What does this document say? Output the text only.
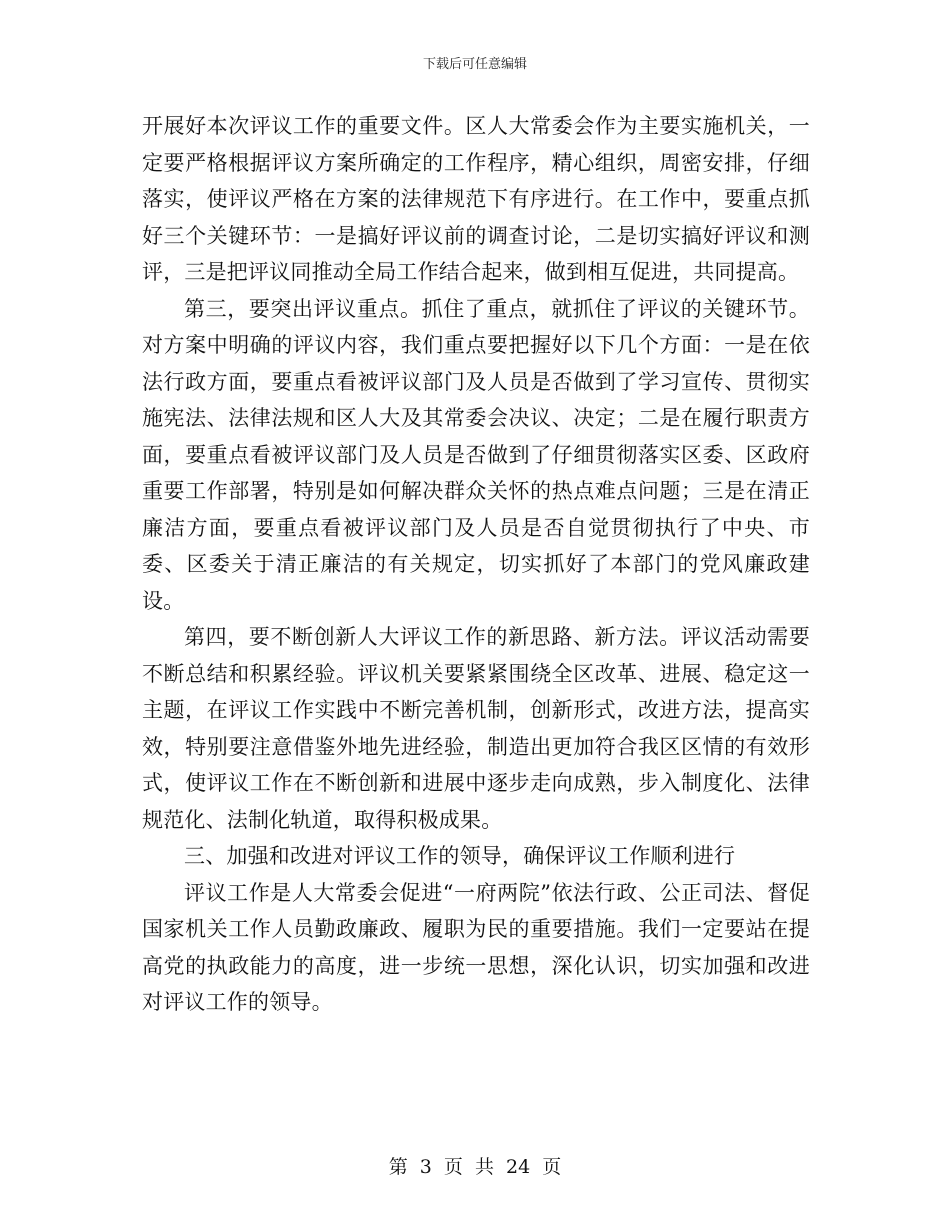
下载后可任意编辑

开展好本次评议工作的重要文件。区人大常委会作为主要实施机关，一定要严格根据评议方案所确定的工作程序，精心组织，周密安排，仔细落实，使评议严格在方案的法律规范下有序进行。在工作中，要重点抓好三个关键环节：一是搞好评议前的调查讨论，二是切实搞好评议和测评，三是把评议同推动全局工作结合起来，做到相互促进，共同提高。

第三，要突出评议重点。抓住了重点，就抓住了评议的关键环节。对方案中明确的评议内容，我们重点要把握好以下几个方面：一是在依法行政方面，要重点看被评议部门及人员是否做到了学习宣传、贯彻实施宪法、法律法规和区人大及其常委会决议、决定；二是在履行职责方面，要重点看被评议部门及人员是否做到了仔细贯彻落实区委、区政府重要工作部署，特别是如何解决群众关怀的热点难点问题；三是在清正廉洁方面，要重点看被评议部门及人员是否自觉贯彻执行了中央、市委、区委关于清正廉洁的有关规定，切实抓好了本部门的党风廉政建设。

第四，要不断创新人大评议工作的新思路、新方法。评议活动需要不断总结和积累经验。评议机关要紧紧围绕全区改革、进展、稳定这一主题，在评议工作实践中不断完善机制，创新形式，改进方法，提高实效，特别要注意借鉴外地先进经验，制造出更加符合我区区情的有效形式，使评议工作在不断创新和进展中逐步走向成熟，步入制度化、法律规范化、法制化轨道，取得积极成果。

三、加强和改进对评议工作的领导，确保评议工作顺利进行

评议工作是人大常委会促进“一府两院”依法行政、公正司法、督促国家机关工作人员勤政廉政、履职为民的重要措施。我们一定要站在提高党的执政能力的高度，进一步统一思想，深化认识，切实加强和改进对评议工作的领导。

第 3 页 共 24 页
